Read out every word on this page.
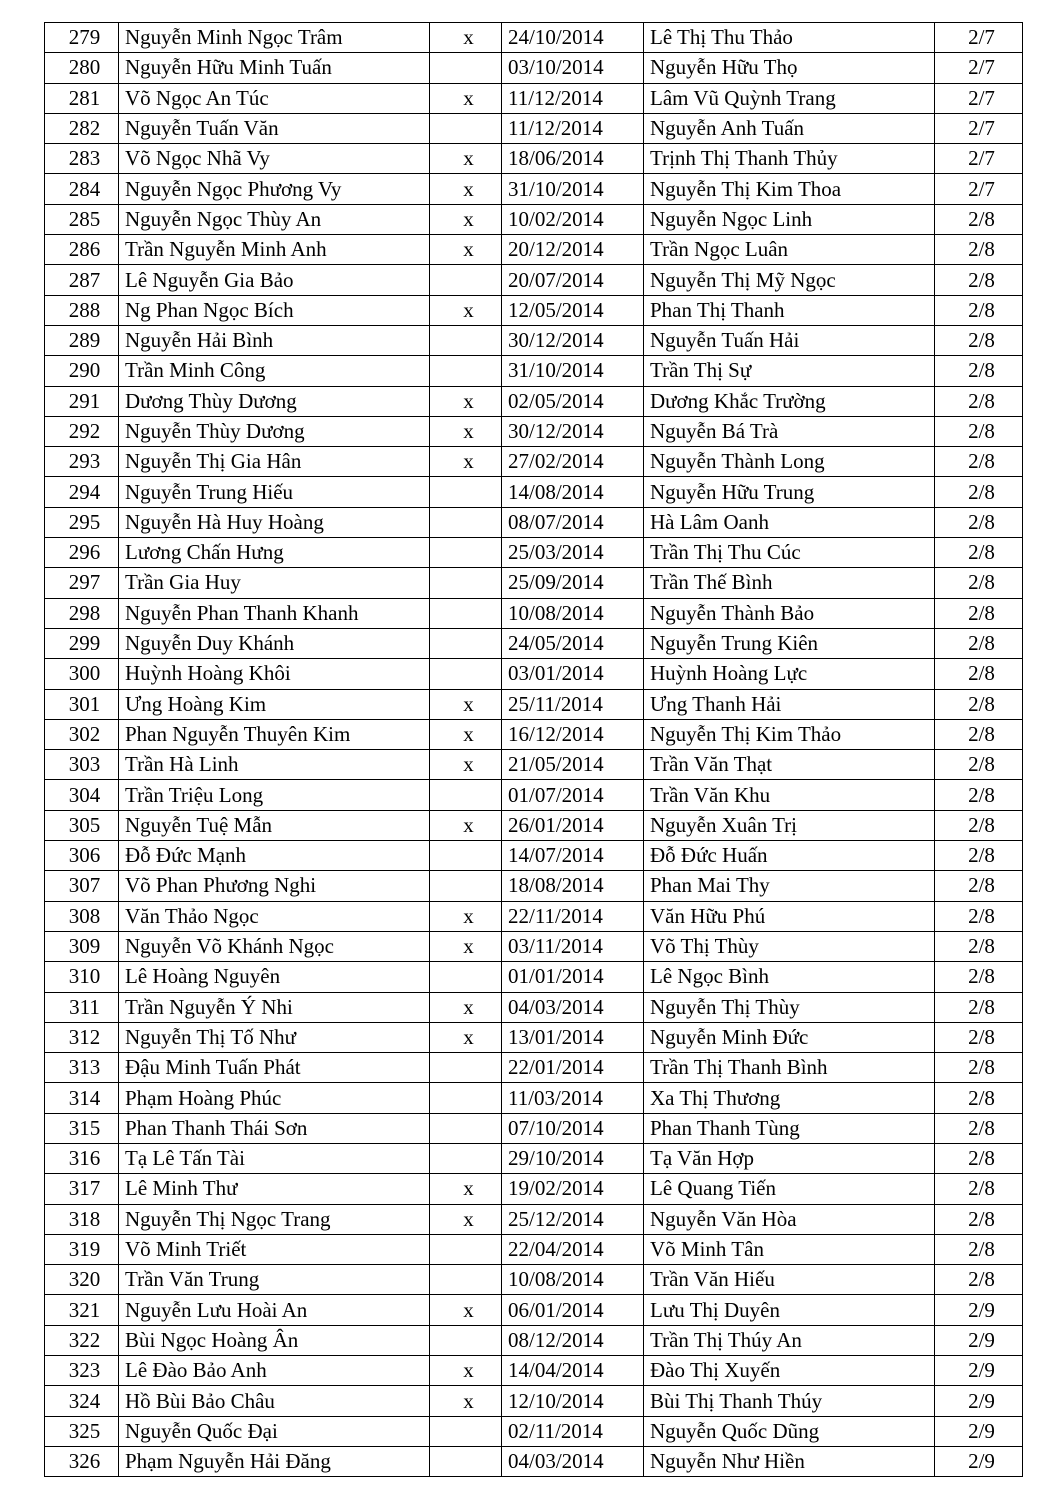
279	Nguyễn Minh Ngọc Trâm	x	24/10/2014	Lê Thị Thu Thảo	2/7
280	Nguyễn Hữu Minh Tuấn		03/10/2014	Nguyễn Hữu Thọ	2/7
281	Võ Ngọc An Túc	x	11/12/2014	Lâm Vũ Quỳnh Trang	2/7
282	Nguyễn Tuấn Văn		11/12/2014	Nguyễn Anh Tuấn	2/7
283	Võ Ngọc Nhã Vy	x	18/06/2014	Trịnh Thị Thanh Thủy	2/7
284	Nguyễn Ngọc Phương Vy	x	31/10/2014	Nguyễn Thị Kim Thoa	2/7
285	Nguyễn Ngọc Thùy An	x	10/02/2014	Nguyễn Ngọc Linh	2/8
286	Trần Nguyễn Minh Anh	x	20/12/2014	Trần Ngọc Luân	2/8
287	Lê Nguyễn Gia Bảo		20/07/2014	Nguyễn Thị Mỹ Ngọc	2/8
288	Ng Phan Ngọc Bích	x	12/05/2014	Phan Thị Thanh	2/8
289	Nguyễn Hải Bình		30/12/2014	Nguyễn Tuấn Hải	2/8
290	Trần Minh Công		31/10/2014	Trần Thị Sự	2/8
291	Dương Thùy Dương	x	02/05/2014	Dương Khắc Trường	2/8
292	Nguyễn Thùy Dương	x	30/12/2014	Nguyễn Bá Trà	2/8
293	Nguyễn Thị Gia Hân	x	27/02/2014	Nguyễn Thành Long	2/8
294	Nguyễn Trung Hiếu		14/08/2014	Nguyễn Hữu Trung	2/8
295	Nguyễn Hà Huy Hoàng		08/07/2014	Hà Lâm Oanh	2/8
296	Lương Chấn Hưng		25/03/2014	Trần Thị Thu Cúc	2/8
297	Trần Gia Huy		25/09/2014	Trần Thế Bình	2/8
298	Nguyễn Phan Thanh Khanh		10/08/2014	Nguyễn Thành Bảo	2/8
299	Nguyễn Duy Khánh		24/05/2014	Nguyễn Trung Kiên	2/8
300	Huỳnh Hoàng Khôi		03/01/2014	Huỳnh Hoàng Lực	2/8
301	Ưng Hoàng Kim	x	25/11/2014	Ưng Thanh Hải	2/8
302	Phan Nguyễn Thuyên Kim	x	16/12/2014	Nguyễn Thị Kim Thảo	2/8
303	Trần Hà Linh	x	21/05/2014	Trần Văn Thạt	2/8
304	Trần Triệu Long		01/07/2014	Trần Văn Khu	2/8
305	Nguyễn Tuệ Mẫn	x	26/01/2014	Nguyễn Xuân Trị	2/8
306	Đỗ Đức Mạnh		14/07/2014	Đỗ Đức Huấn	2/8
307	Võ Phan Phương Nghi		18/08/2014	Phan Mai Thy	2/8
308	Văn Thảo Ngọc	x	22/11/2014	Văn Hữu Phú	2/8
309	Nguyễn Võ Khánh Ngọc	x	03/11/2014	Võ Thị Thùy	2/8
310	Lê Hoàng Nguyên		01/01/2014	Lê Ngọc Bình	2/8
311	Trần Nguyễn Ý Nhi	x	04/03/2014	Nguyễn Thị Thùy	2/8
312	Nguyễn Thị Tố Như	x	13/01/2014	Nguyễn Minh Đức	2/8
313	Đậu Minh Tuấn Phát		22/01/2014	Trần Thị Thanh Bình	2/8
314	Phạm Hoàng Phúc		11/03/2014	Xa Thị Thương	2/8
315	Phan Thanh Thái Sơn		07/10/2014	Phan Thanh Tùng	2/8
316	Tạ Lê Tấn Tài		29/10/2014	Tạ Văn Hợp	2/8
317	Lê Minh Thư	x	19/02/2014	Lê Quang Tiến	2/8
318	Nguyễn Thị Ngọc Trang	x	25/12/2014	Nguyễn Văn Hòa	2/8
319	Võ Minh Triết		22/04/2014	Võ Minh Tân	2/8
320	Trần Văn Trung		10/08/2014	Trần Văn Hiếu	2/8
321	Nguyễn Lưu Hoài An	x	06/01/2014	Lưu Thị Duyên	2/9
322	Bùi Ngọc Hoàng Ân		08/12/2014	Trần Thị Thúy An	2/9
323	Lê Đào Bảo Anh	x	14/04/2014	Đào Thị Xuyến	2/9
324	Hồ Bùi Bảo Châu	x	12/10/2014	Bùi Thị Thanh Thúy	2/9
325	Nguyễn Quốc Đại		02/11/2014	Nguyễn Quốc Dũng	2/9
326	Phạm Nguyễn Hải Đăng		04/03/2014	Nguyễn Như Hiền	2/9
